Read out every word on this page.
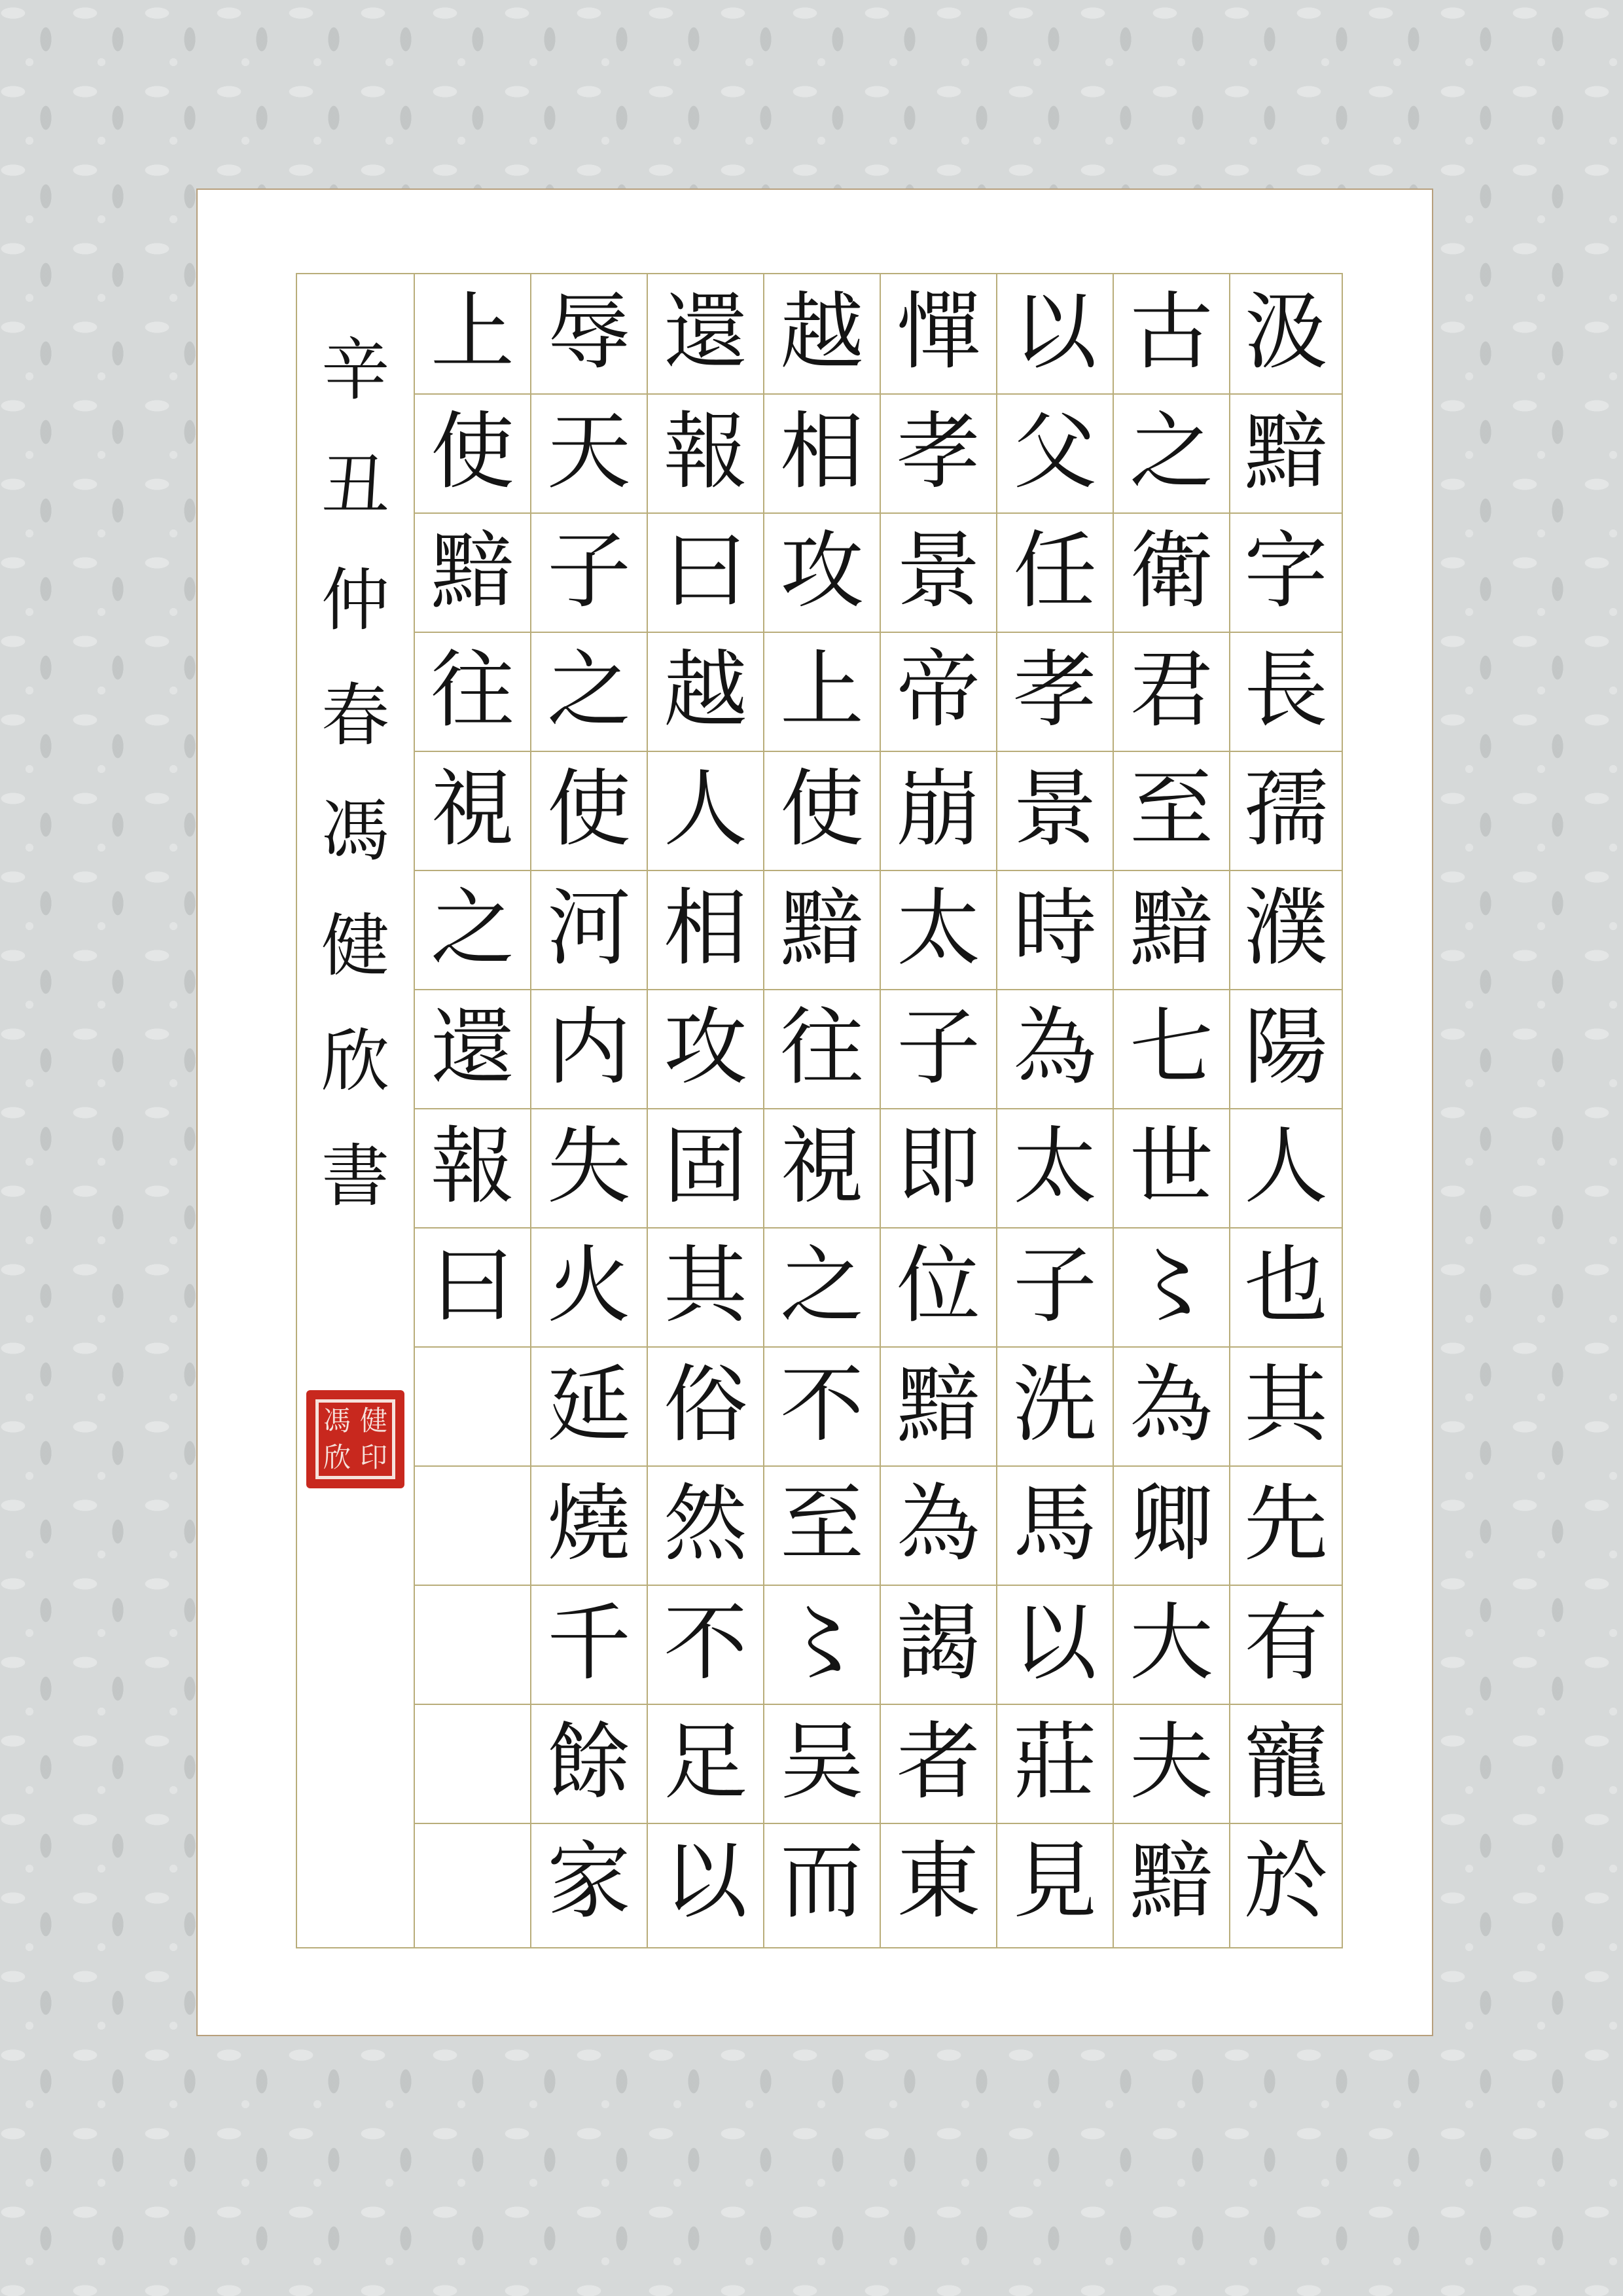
上
使
黯
往
視
之
還
報
曰
辱
天
子
之
使
河
内
失
火
延
燒
千
餘
家
還
報
曰
越
人
相
攻
固
其
俗
然
不
足
以
越
相
攻
上
使
黯
往
視
之
不
至
〻
吴
而
憚
孝
景
帝
崩
太
子
即
位
黯
為
謁
者
東
以
父
任
孝
景
時
為
太
子
洗
馬
以
莊
見
古
之
衛
君
至
黯
七
世
〻
為
卿
大
夫
黯
汲
黯
字
長
孺
濮
陽
人
也
其
先
有
寵
於
辛
丑
仲
春
馮
健
欣
書
馮 健
欣 印
